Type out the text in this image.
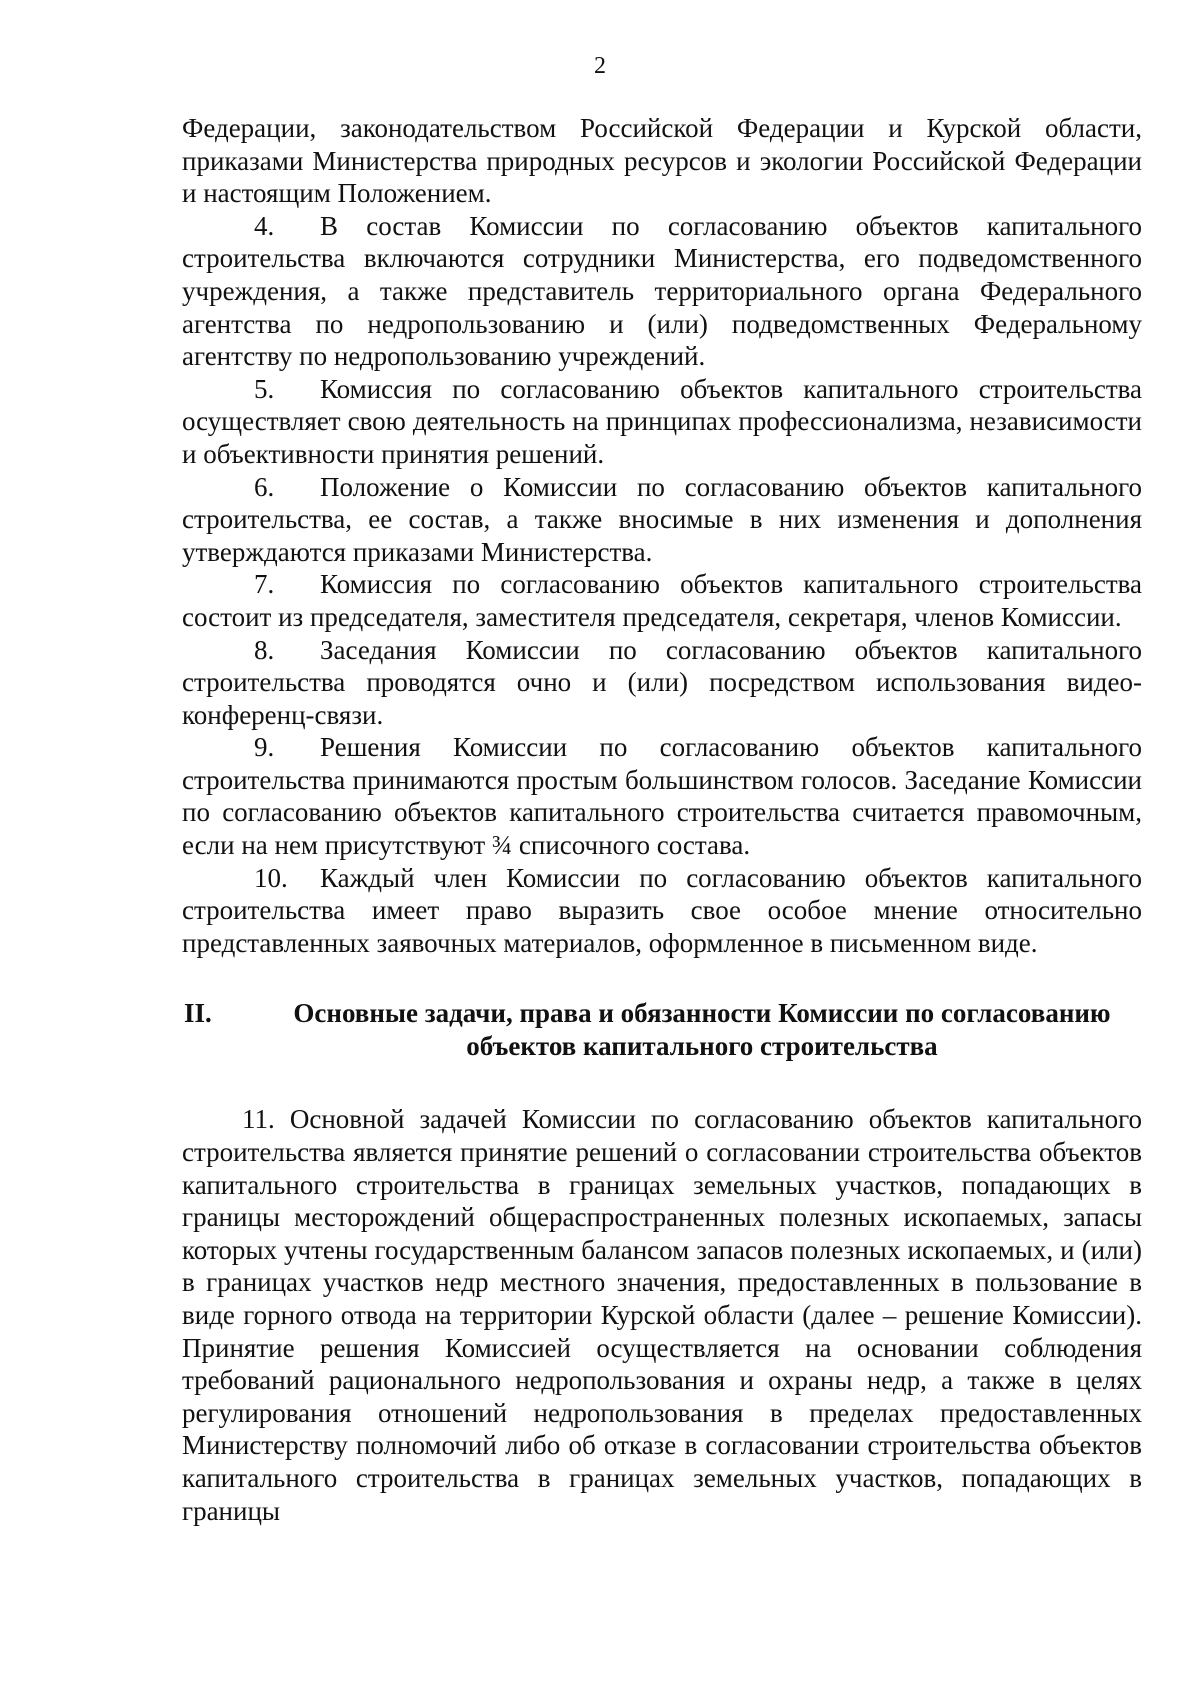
2

Федерации, законодательством Российской Федерации и Курской области, приказами Министерства природных ресурсов и экологии Российской Федерации и настоящим Положением.

4. В состав Комиссии по согласованию объектов капитального строительства включаются сотрудники Министерства, его подведомственного учреждения, а также представитель территориального органа Федерального агентства по недропользованию и (или) подведомственных Федеральному агентству по недропользованию учреждений.

5. Комиссия по согласованию объектов капитального строительства осуществляет свою деятельность на принципах профессионализма, независимости и объективности принятия решений.

6. Положение о Комиссии по согласованию объектов капитального строительства, ее состав, а также вносимые в них изменения и дополнения утверждаются приказами Министерства.

7. Комиссия по согласованию объектов капитального строительства состоит из председателя, заместителя председателя, секретаря, членов Комиссии.

8. Заседания Комиссии по согласованию объектов капитального строительства проводятся очно и (или) посредством использования видео-конференц-связи.

9. Решения Комиссии по согласованию объектов капитального строительства принимаются простым большинством голосов. Заседание Комиссии по согласованию объектов капитального строительства считается правомочным, если на нем присутствуют ¾ списочного состава.

10. Каждый член Комиссии по согласованию объектов капитального строительства имеет право выразить свое особое мнение относительно представленных заявочных материалов, оформленное в письменном виде.

II.	Основные задачи, права и обязанности Комиссии по согласованию
объектов капитального строительства

11. Основной задачей Комиссии по согласованию объектов капитального строительства является принятие решений о согласовании строительства объектов капитального строительства в границах земельных участков, попадающих в границы месторождений общераспространенных полезных ископаемых, запасы которых учтены государственным балансом запасов полезных ископаемых, и (или) в границах участков недр местного значения, предоставленных в пользование в виде горного отвода на территории Курской области (далее – решение Комиссии). Принятие решения Комиссией осуществляется на основании соблюдения требований рационального недропользования и охраны недр, а также в целях регулирования отношений недропользования в пределах предоставленных Министерству полномочий либо об отказе в согласовании строительства объектов капитального строительства в границах земельных участков, попадающих в границы
